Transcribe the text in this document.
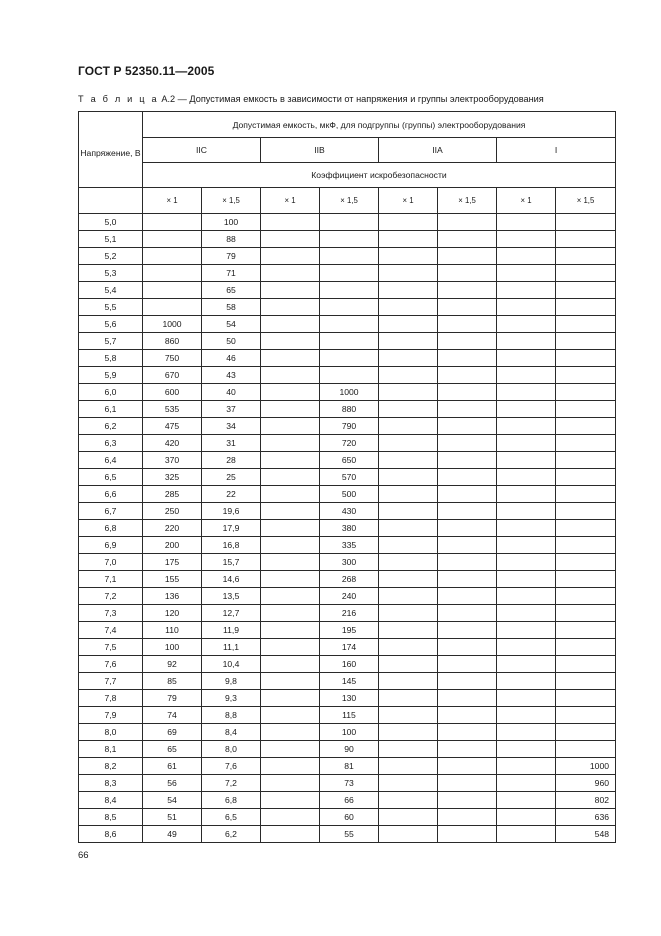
ГОСТ Р 52350.11—2005
Т а б л и ц а А.2 — Допустимая емкость в зависимости от напряжения и группы электрооборудования
Напряжение, В	Допустимая емкость, мкФ, для подгруппы (группы) электрооборудования							
	IIC		IIB		IIA		I	
	Коэффициент искробезопасности							
	× 1	× 1,5	× 1	× 1,5	× 1	× 1,5	× 1	× 1,5
5,0		100						
5,1		88						
5,2		79						
5,3		71						
5,4		65						
5,5		58						
5,6	1000	54						
5,7	860	50						
5,8	750	46						
5,9	670	43						
6,0	600	40		1000				
6,1	535	37		880				
6,2	475	34		790				
6,3	420	31		720				
6,4	370	28		650				
6,5	325	25		570				
6,6	285	22		500				
6,7	250	19,6		430				
6,8	220	17,9		380				
6,9	200	16,8		335				
7,0	175	15,7		300				
7,1	155	14,6		268				
7,2	136	13,5		240				
7,3	120	12,7		216				
7,4	110	11,9		195				
7,5	100	11,1		174				
7,6	92	10,4		160				
7,7	85	9,8		145				
7,8	79	9,3		130				
7,9	74	8,8		115				
8,0	69	8,4		100				
8,1	65	8,0		90				
8,2	61	7,6		81				1000
8,3	56	7,2		73				960
8,4	54	6,8		66				802
8,5	51	6,5		60				636
8,6	49	6,2		55				548
66
